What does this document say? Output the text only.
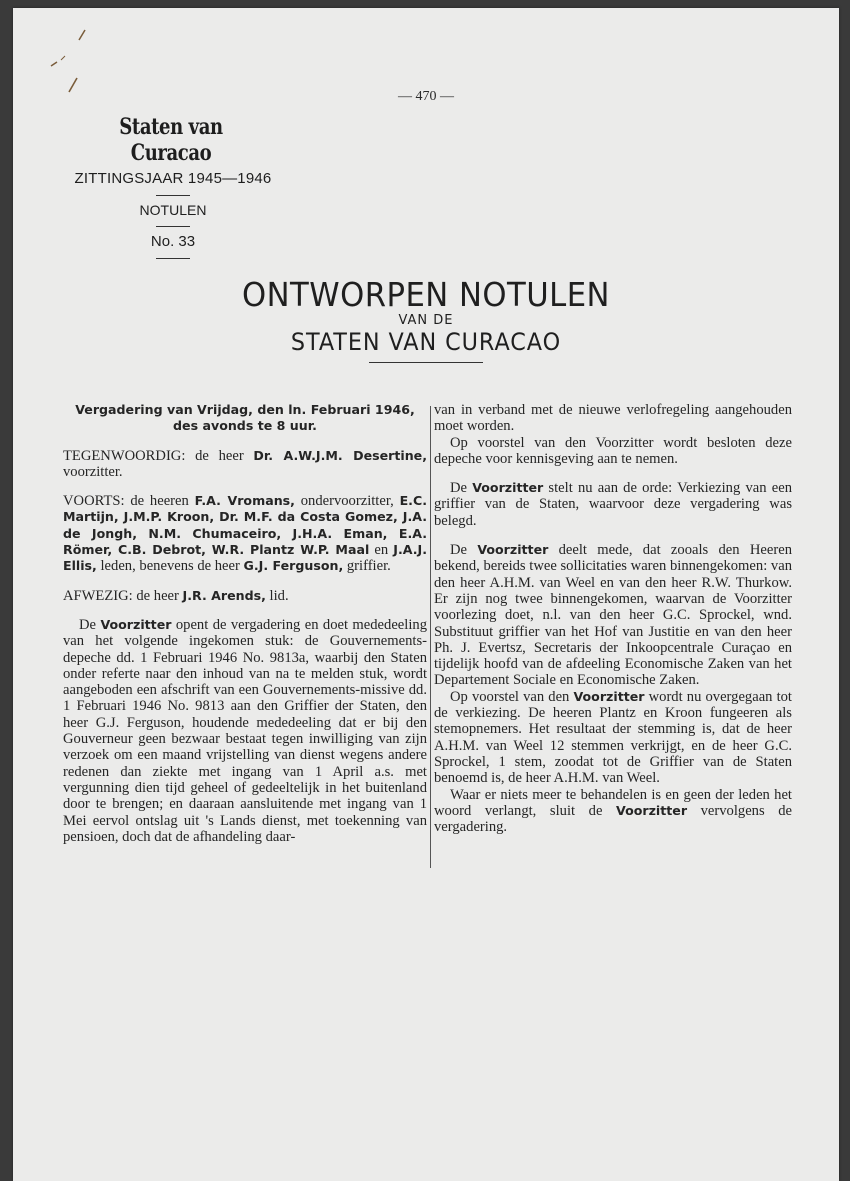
— 470 —
Staten van Curacao
ZITTINGSJAAR 1945—1946
NOTULEN
No. 33
ONTWORPEN NOTULEN
VAN DE
STATEN VAN CURACAO

Vergadering van Vrijdag, den ln. Februari 1946,

des avonds te 8 uur.

TEGENWOORDIG: de heer Dr. A.W.J.M. Desertine, voorzitter.

VOORTS: de heeren F.A. Vromans, ondervoorzitter, E.C. Martijn, J.M.P. Kroon, Dr. M.F. da Costa Gomez, J.A. de Jongh, N.M. Chumaceiro, J.H.A. Eman, E.A. Römer, C.B. Debrot, W.R. Plantz W.P. Maal en J.A.J. Ellis, leden, benevens de heer G.J. Ferguson, griffier.

AFWEZIG: de heer J.R. Arends, lid.

De Voorzitter opent de vergadering en doet mededeeling van het volgende ingekomen stuk: de Gouvernements-depeche dd. 1 Februari 1946 No. 9813a, waarbij den Staten onder referte naar den inhoud van na te melden stuk, wordt aangeboden een afschrift van een Gouvernements-missive dd. 1 Februari 1946 No. 9813 aan den Griffier der Staten, den heer G.J. Ferguson, houdende mededeeling dat er bij den Gouverneur geen bezwaar bestaat tegen inwilliging van zijn verzoek om een maand vrijstelling van dienst wegens andere redenen dan ziekte met ingang van 1 April a.s. met vergunning dien tijd geheel of gedeeltelijk in het buitenland door te brengen; en daaraan aansluitende met ingang van 1 Mei eervol ontslag uit 's Lands dienst, met toekenning van pensioen, doch dat de afhandeling daar-

van in verband met de nieuwe verlofregeling aangehouden moet worden.

Op voorstel van den Voorzitter wordt besloten deze depeche voor kennisgeving aan te nemen.

De Voorzitter stelt nu aan de orde: Verkiezing van een griffier van de Staten, waarvoor deze vergadering was belegd.

De Voorzitter deelt mede, dat zooals den Heeren bekend, bereids twee sollicitaties waren binnengekomen: van den heer A.H.M. van Weel en van den heer R.W. Thurkow. Er zijn nog twee binnengekomen, waarvan de Voorzitter voorlezing doet, n.l. van den heer G.C. Sprockel, wnd. Substituut griffier van het Hof van Justitie en van den heer Ph. J. Evertsz, Secretaris der Inkoopcentrale Curaçao en tijdelijk hoofd van de afdeeling Economische Zaken van het Departement Sociale en Economische Zaken.

Op voorstel van den Voorzitter wordt nu overgegaan tot de verkiezing. De heeren Plantz en Kroon fungeeren als stemopnemers. Het resultaat der stemming is, dat de heer A.H.M. van Weel 12 stemmen verkrijgt, en de heer G.C. Sprockel, 1 stem, zoodat tot de Griffier van de Staten benoemd is, de heer A.H.M. van Weel.

Waar er niets meer te behandelen is en geen der leden het woord verlangt, sluit de Voorzitter vervolgens de vergadering.
